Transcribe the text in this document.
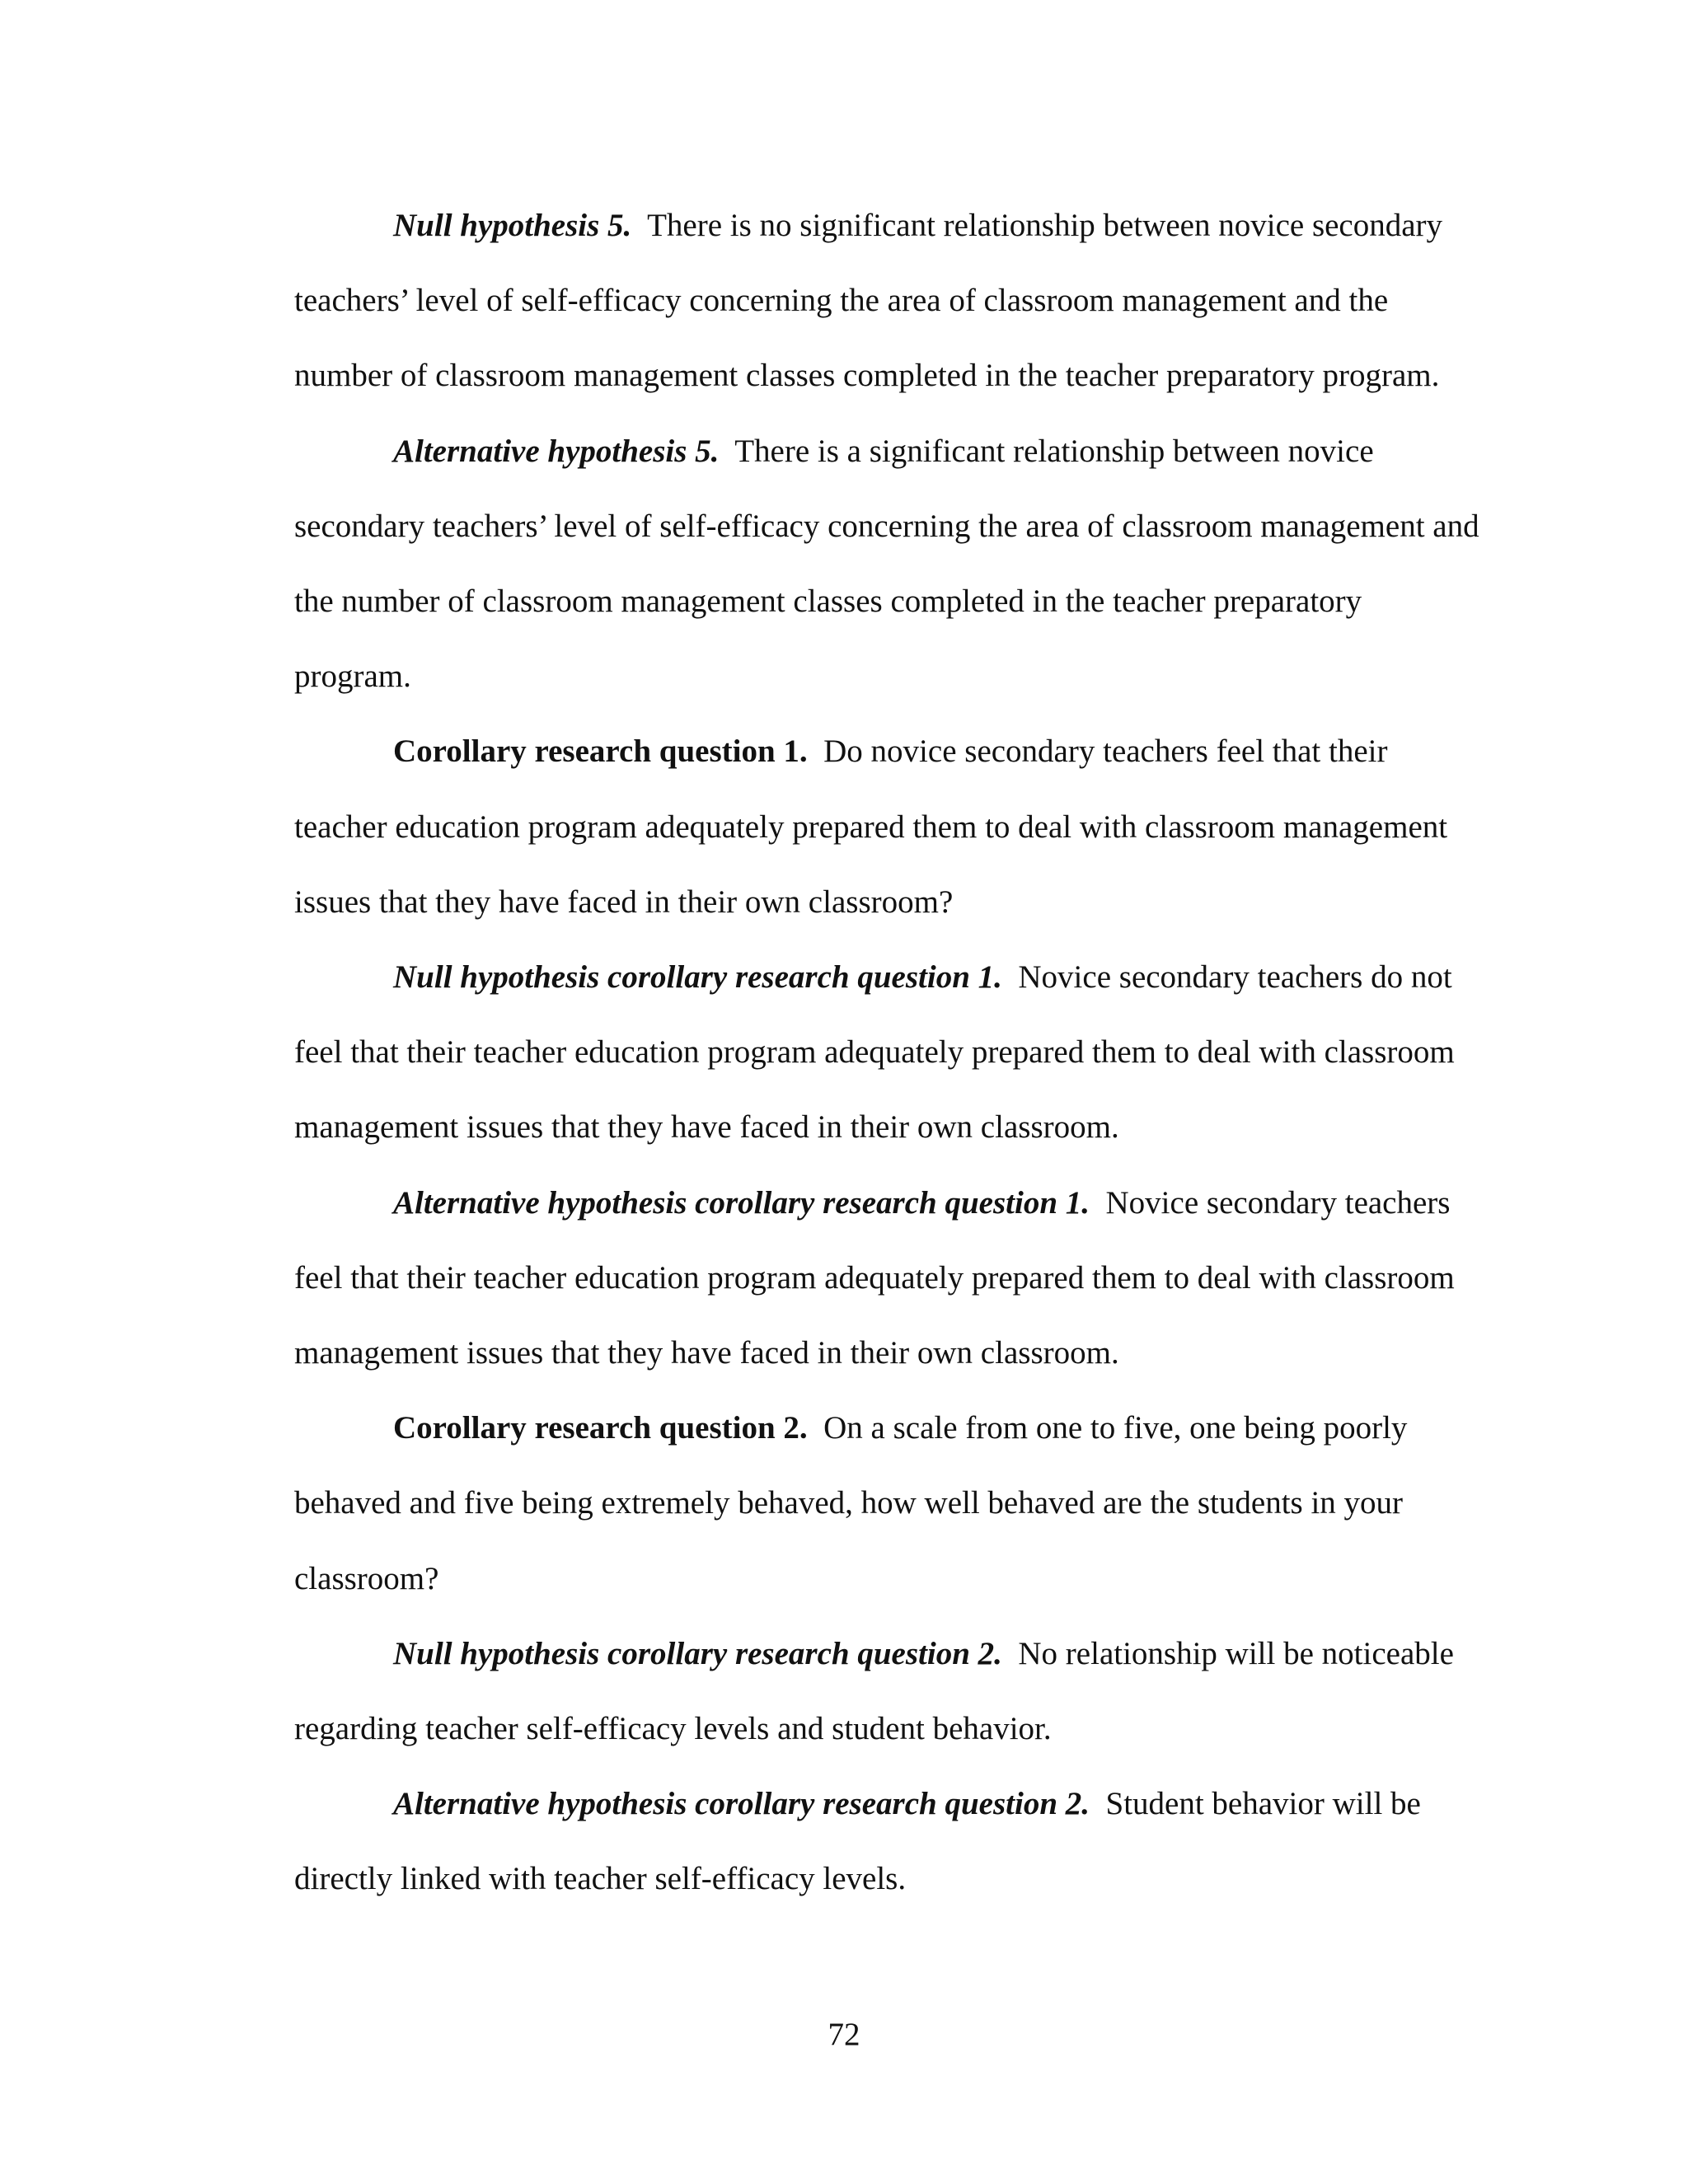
Null hypothesis 5. There is no significant relationship between novice secondary teachers’ level of self-efficacy concerning the area of classroom management and the number of classroom management classes completed in the teacher preparatory program.

Alternative hypothesis 5. There is a significant relationship between novice secondary teachers’ level of self-efficacy concerning the area of classroom management and the number of classroom management classes completed in the teacher preparatory program.

Corollary research question 1. Do novice secondary teachers feel that their teacher education program adequately prepared them to deal with classroom management issues that they have faced in their own classroom?

Null hypothesis corollary research question 1. Novice secondary teachers do not feel that their teacher education program adequately prepared them to deal with classroom management issues that they have faced in their own classroom.

Alternative hypothesis corollary research question 1. Novice secondary teachers feel that their teacher education program adequately prepared them to deal with classroom management issues that they have faced in their own classroom.

Corollary research question 2. On a scale from one to five, one being poorly behaved and five being extremely behaved, how well behaved are the students in your classroom?

Null hypothesis corollary research question 2. No relationship will be noticeable regarding teacher self-efficacy levels and student behavior.

Alternative hypothesis corollary research question 2. Student behavior will be directly linked with teacher self-efficacy levels.

72
